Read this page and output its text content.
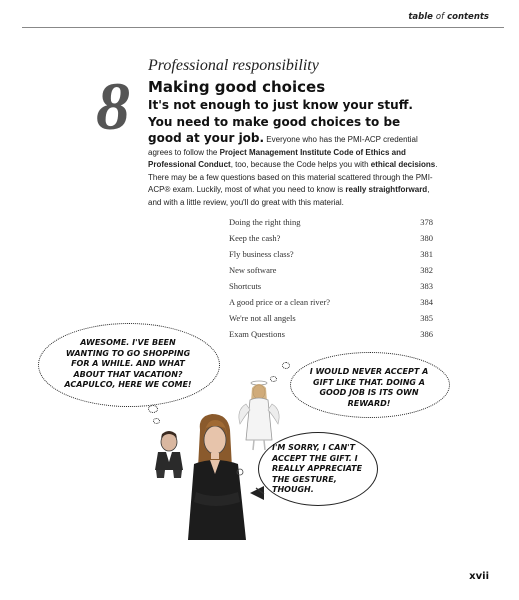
table of contents
8
Professional responsibility
Making good choices
It's not enough to just know your stuff. You need to make good choices to be good at your job. Everyone who has the PMI-ACP credential agrees to follow the Project Management Institute Code of Ethics and Professional Conduct, too, because the Code helps you with ethical decisions. There may be a few questions based on this material scattered through the PMI-ACP® exam. Luckily, most of what you need to know is really straightforward, and with a little review, you'll do great with this material.
Doing the right thing	378
Keep the cash?	380
Fly business class?	381
New software	382
Shortcuts	383
A good price or a clean river?	384
We're not all angels	385
Exam Questions	386
AWESOME. I'VE BEEN WANTING TO GO SHOPPING FOR A WHILE. AND WHAT ABOUT THAT VACATION? ACAPULCO, HERE WE COME!
I WOULD NEVER ACCEPT A GIFT LIKE THAT. DOING A GOOD JOB IS ITS OWN REWARD!
I'M SORRY, I CAN'T ACCEPT THE GIFT. I REALLY APPRECIATE THE GESTURE, THOUGH.
xvii
